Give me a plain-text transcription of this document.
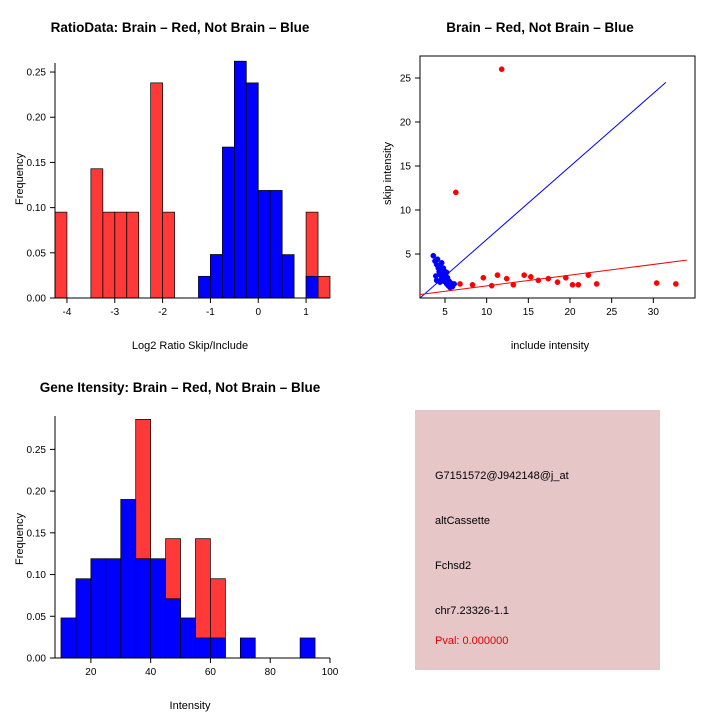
RatioData: Brain – Red, Not Brain – Blue
-4	-3	-2	-1	0	1
0.00
0.05
0.10
0.15
0.20
0.25
Frequency
Log2 Ratio Skip/Include
Brain – Red, Not Brain – Blue
5	10	15	20	25	30
5
10
15
20
25
skip intensity
include intensity
Gene Itensity: Brain – Red, Not Brain – Blue
20	40	60	80	100
0.00
0.05
0.10
0.15
0.20
0.25
Frequency
Intensity
G7151572@J942148@j_at
altCassette
Fchsd2
chr7.23326-1.1
Pval: 0.000000
